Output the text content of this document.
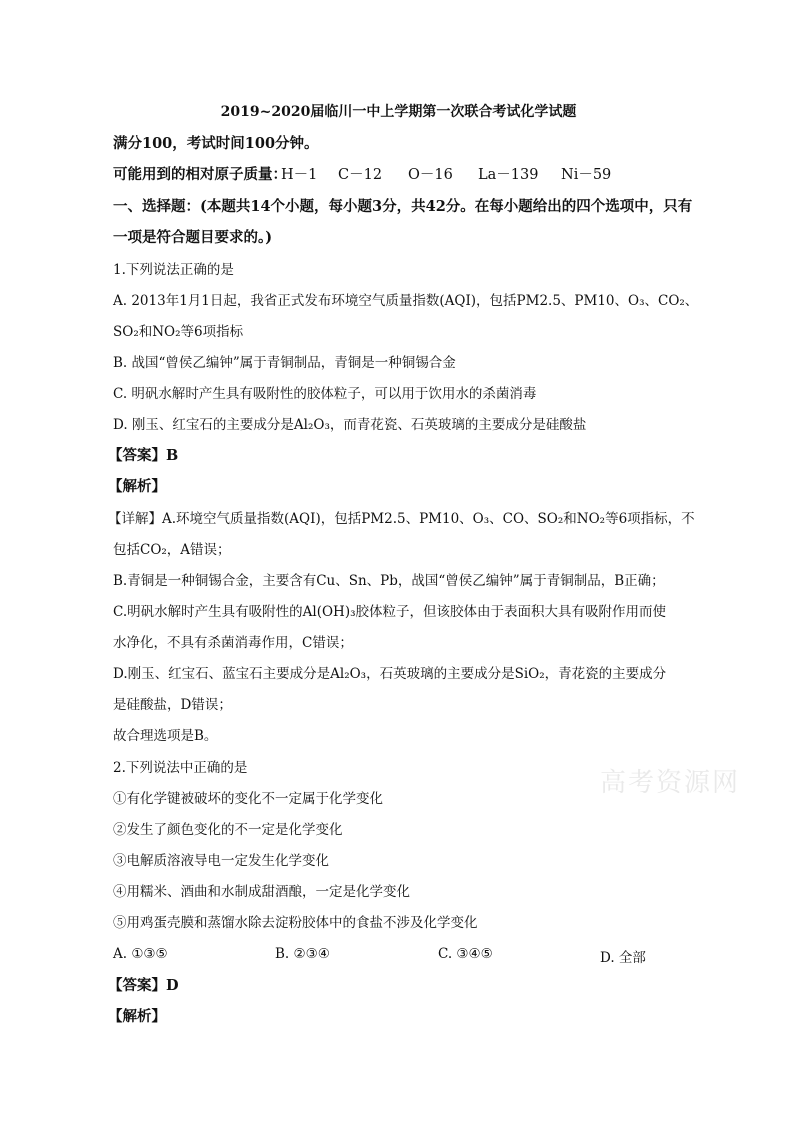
2019~2020届临川一中上学期第一次联合考试化学试题
满分100，考试时间100分钟。
可能用到的相对原子质量：
H－1 C－12 O－16 La－139 Ni－59
一、选择题：(本题共14个小题，每小题3分，共42分。在每小题给出的四个选项中，只有
一项是符合题目要求的。)
1.下列说法正确的是
A. 2013年1月1日起，我省正式发布环境空气质量指数(AQI)，包括PM2.5、PM10、O₃、CO₂、
SO₂和NO₂等6项指标
B. 战国“曾侯乙编钟”属于青铜制品，青铜是一种铜锡合金
C. 明矾水解时产生具有吸附性的胶体粒子，可以用于饮用水的杀菌消毒
D. 刚玉、红宝石的主要成分是Al₂O₃，而青花瓷、石英玻璃的主要成分是硅酸盐
【答案】B
【解析】
【详解】A.环境空气质量指数(AQI)，包括PM2.5、PM10、O₃、CO、SO₂和NO₂等6项指标，不
包括CO₂，A错误；
B.青铜是一种铜锡合金，主要含有Cu、Sn、Pb，战国“曾侯乙编钟”属于青铜制品，B正确；
C.明矾水解时产生具有吸附性的Al(OH)₃胶体粒子，但该胶体由于表面积大具有吸附作用而使
水净化，不具有杀菌消毒作用，C错误；
D.刚玉、红宝石、蓝宝石主要成分是Al₂O₃，石英玻璃的主要成分是SiO₂，青花瓷的主要成分
是硅酸盐，D错误；
故合理选项是B。
2.下列说法中正确的是
①有化学键被破坏的变化不一定属于化学变化
②发生了颜色变化的不一定是化学变化
③电解质溶液导电一定发生化学变化
④用糯米、酒曲和水制成甜酒酿，一定是化学变化
⑤用鸡蛋壳膜和蒸馏水除去淀粉胶体中的食盐不涉及化学变化
A. ①③⑤	B. ②③④	C. ③④⑤	D. 全部
【答案】D
【解析】
高考资源网
